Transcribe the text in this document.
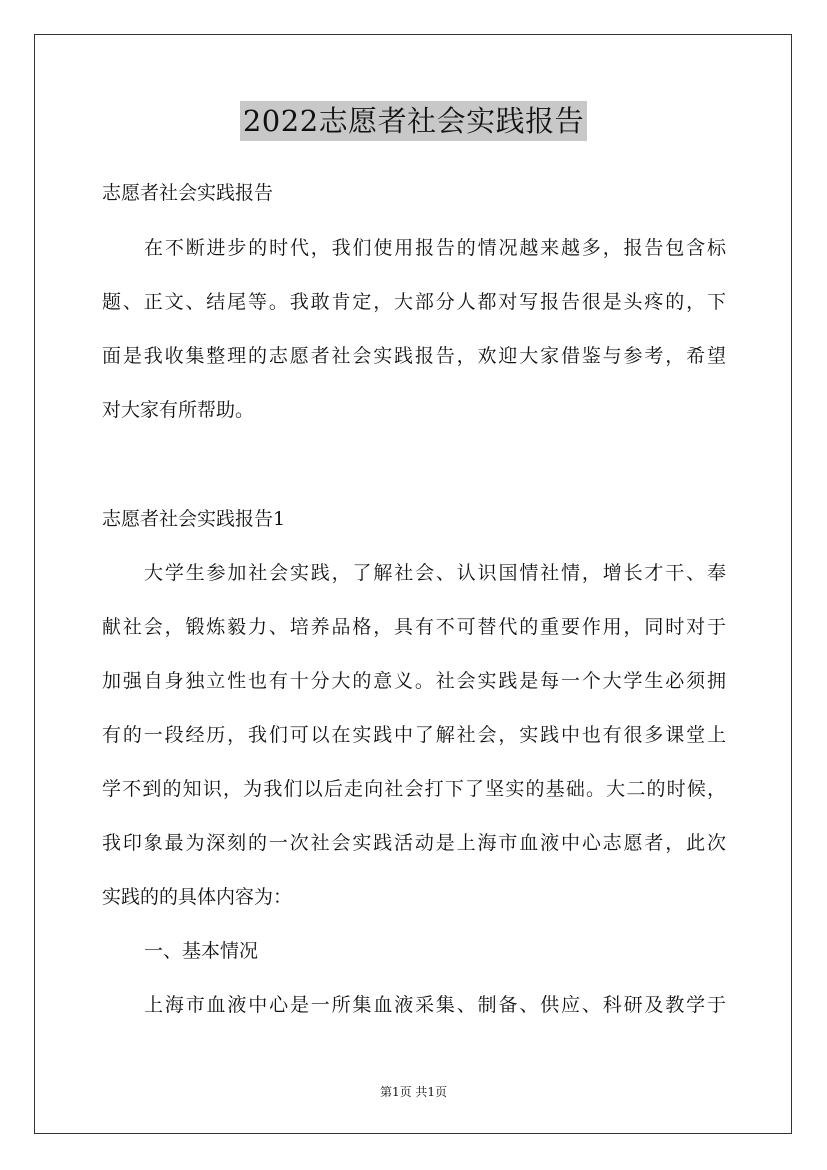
2022志愿者社会实践报告
志愿者社会实践报告
在不断进步的时代，我们使用报告的情况越来越多，报告包含标
题、正文、结尾等。我敢肯定，大部分人都对写报告很是头疼的，下
面是我收集整理的志愿者社会实践报告，欢迎大家借鉴与参考，希望
对大家有所帮助。
志愿者社会实践报告1
大学生参加社会实践，了解社会、认识国情社情，增长才干、奉
献社会，锻炼毅力、培养品格，具有不可替代的重要作用，同时对于
加强自身独立性也有十分大的意义。社会实践是每一个大学生必须拥
有的一段经历，我们可以在实践中了解社会，实践中也有很多课堂上
学不到的知识，为我们以后走向社会打下了坚实的基础。大二的时候，
我印象最为深刻的一次社会实践活动是上海市血液中心志愿者，此次
实践的的具体内容为：
一、基本情况
上海市血液中心是一所集血液采集、制备、供应、科研及教学于
第1页 共1页
